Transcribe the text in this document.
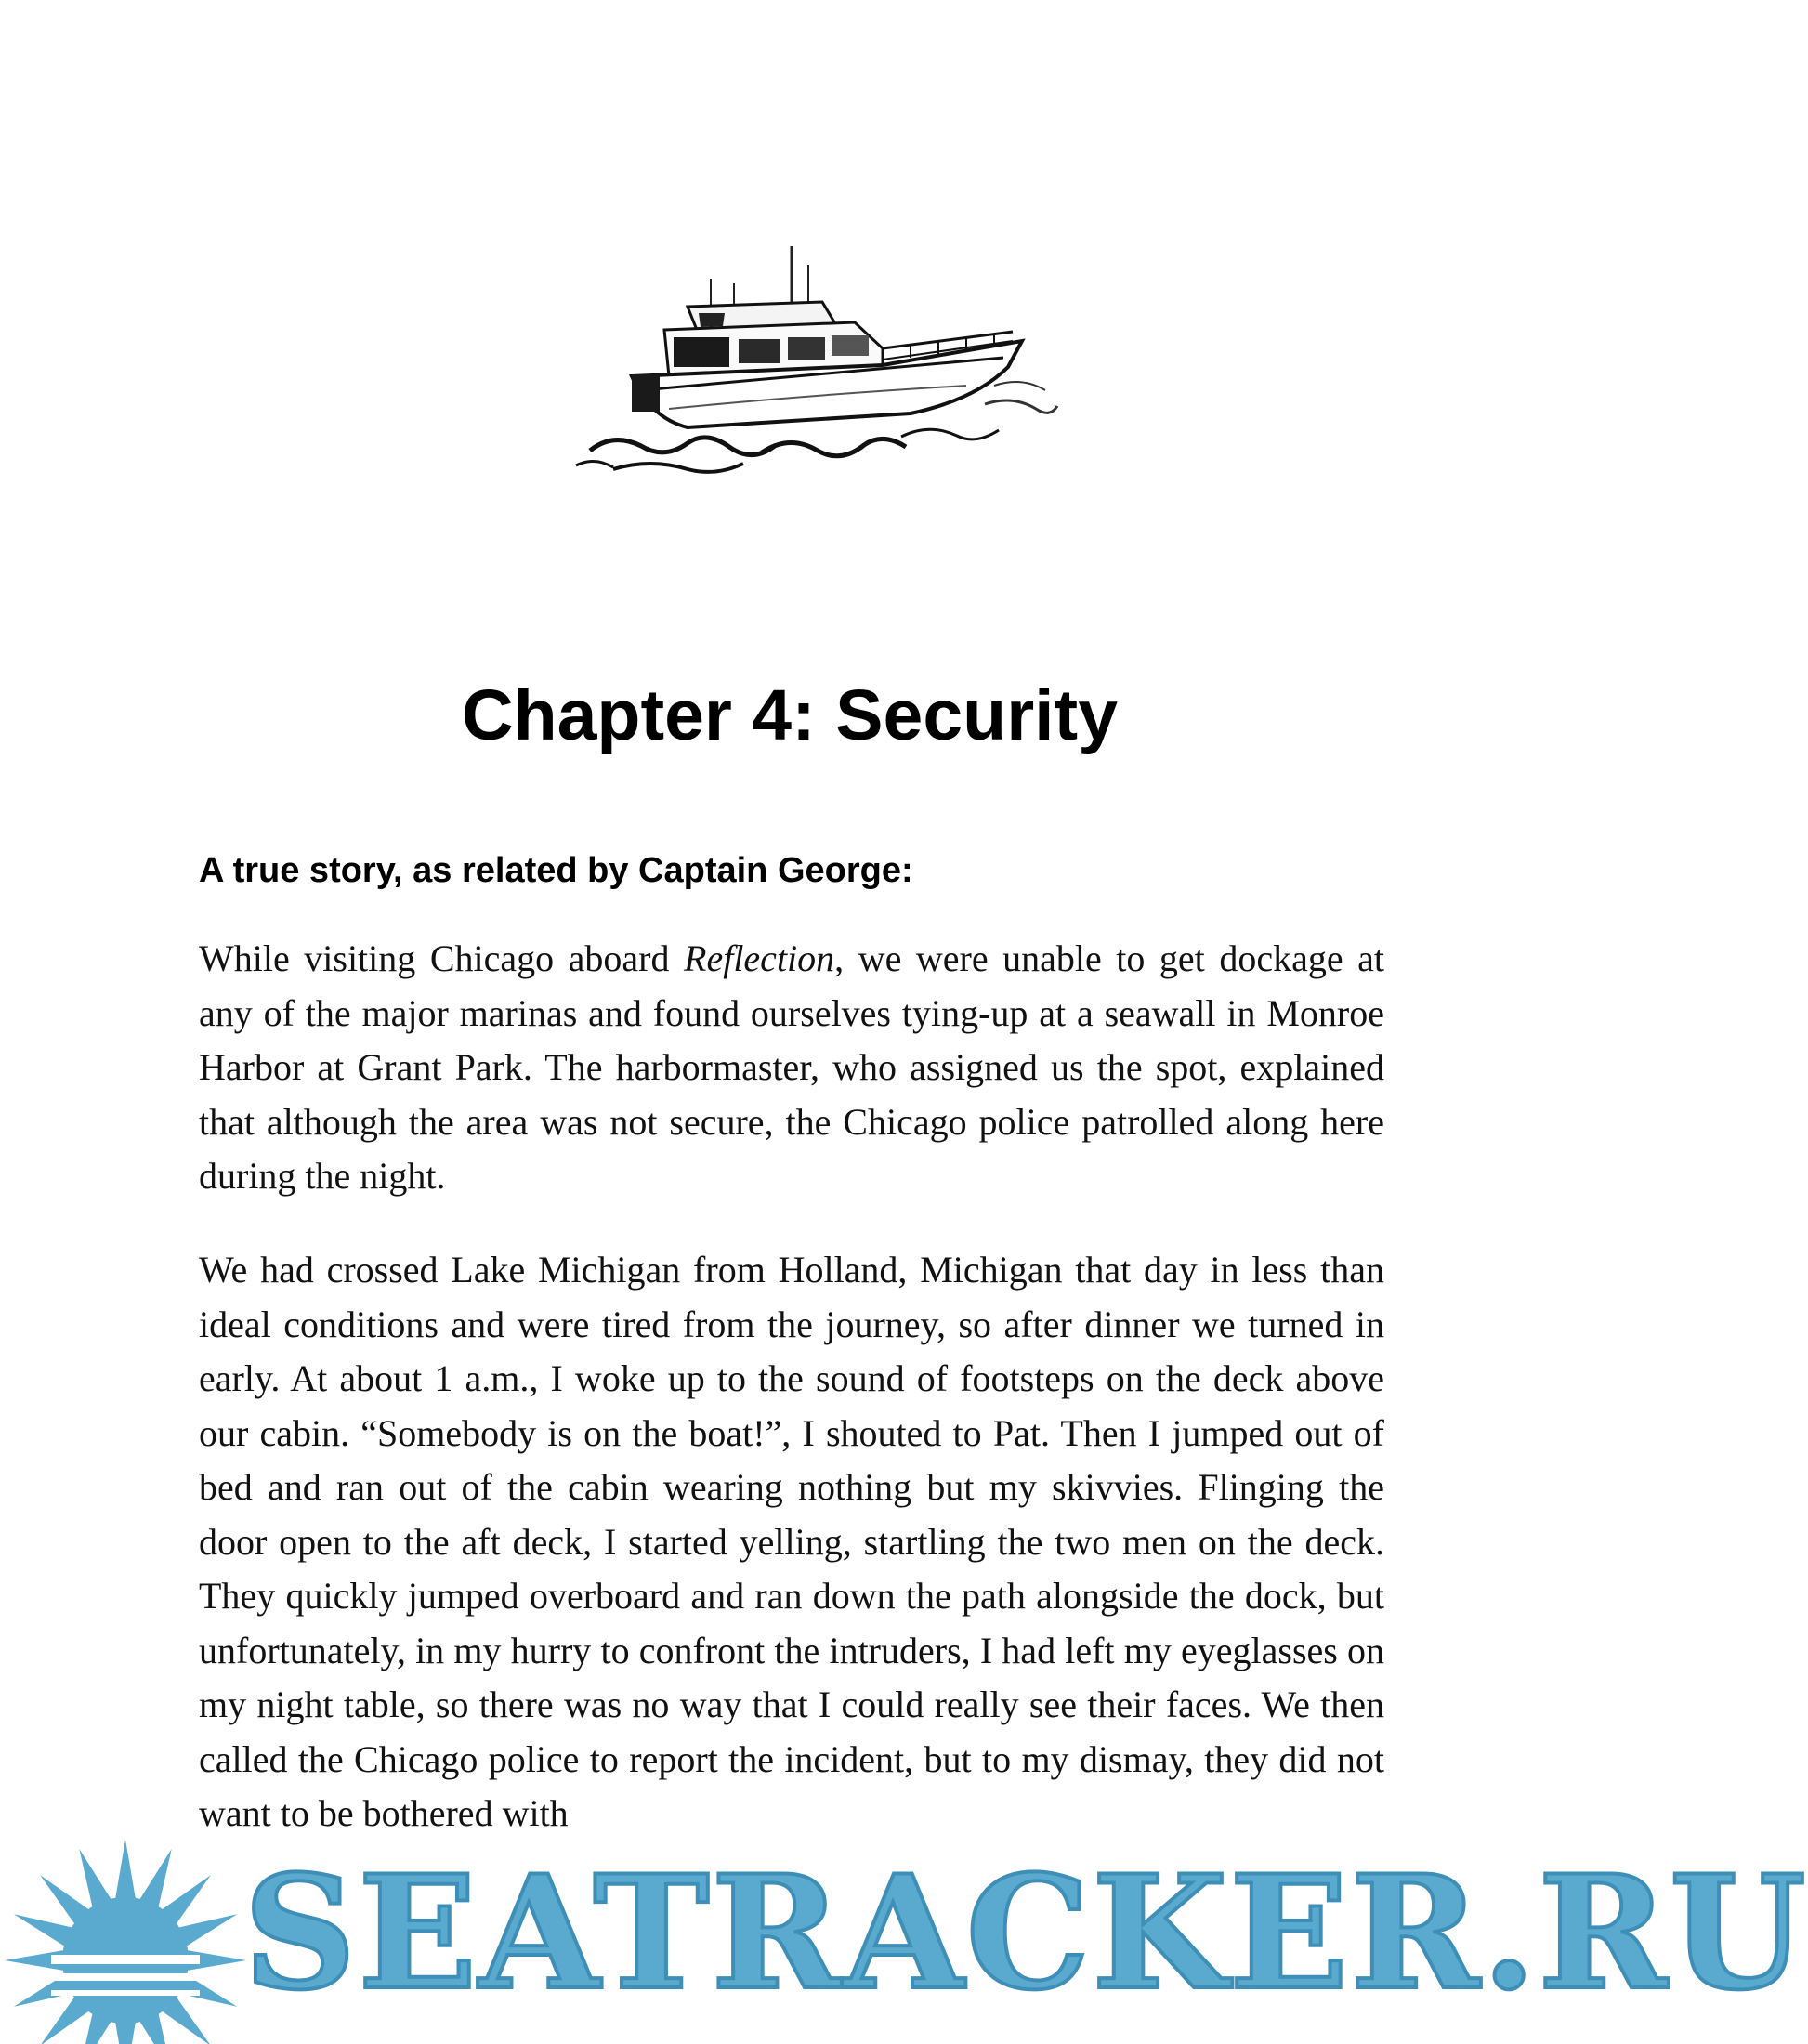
Chapter 4: Security
A true story, as related by Captain George:

While visiting Chicago aboard Reflection, we were unable to get dockage at any of the major marinas and found ourselves tying-up at a seawall in Monroe Harbor at Grant Park. The harbormaster, who assigned us the spot, explained that although the area was not secure, the Chicago police patrolled along here during the night.

We had crossed Lake Michigan from Holland, Michigan that day in less than ideal conditions and were tired from the journey, so after dinner we turned in early. At about 1 a.m., I woke up to the sound of footsteps on the deck above our cabin. “Somebody is on the boat!”, I shouted to Pat. Then I jumped out of bed and ran out of the cabin wearing nothing but my skivvies. Flinging the door open to the aft deck, I started yelling, startling the two men on the deck. They quickly jumped overboard and ran down the path alongside the dock, but unfortunately, in my hurry to confront the intruders, I had left my eyeglasses on my night table, so there was no way that I could really see their faces. We then called the Chicago police to report the incident, but to my dismay, they did not want to be bothered with

SEATRACKER.RU
